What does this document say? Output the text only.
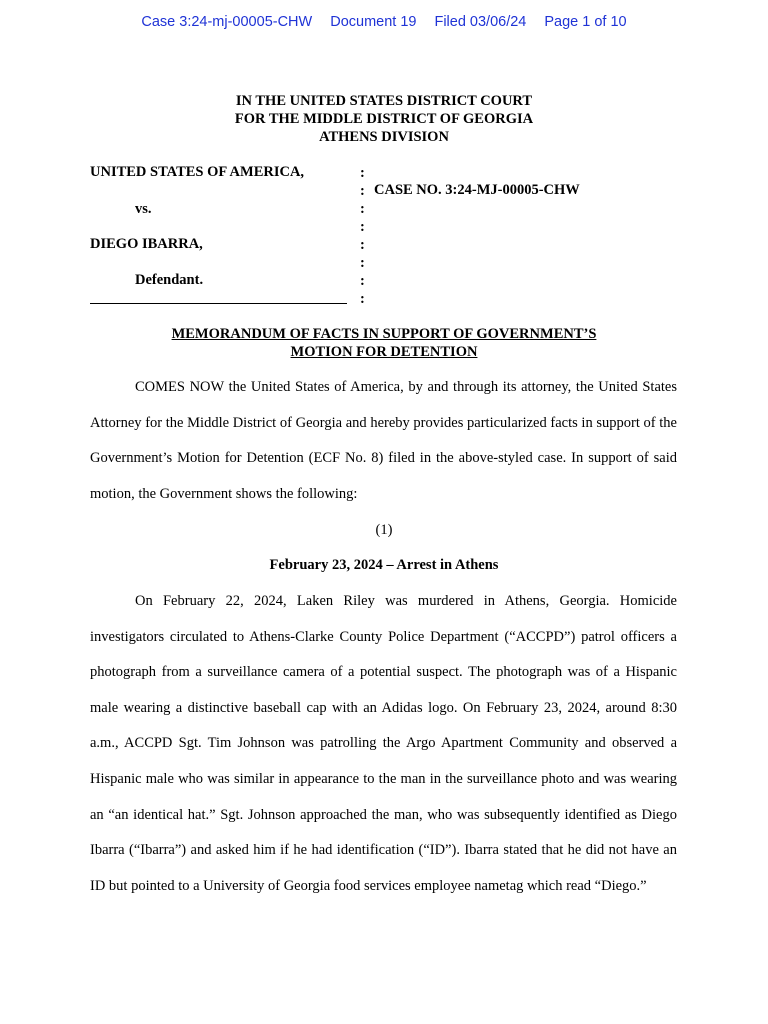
Case 3:24-mj-00005-CHW Document 19 Filed 03/06/24 Page 1 of 10
IN THE UNITED STATES DISTRICT COURT
FOR THE MIDDLE DISTRICT OF GEORGIA
ATHENS DIVISION
UNITED STATES OF AMERICA,
vs.
DIEGO IBARRA,
Defendant.
:
:
:
:
:
:
:
:
CASE NO. 3:24-MJ-00005-CHW
MEMORANDUM OF FACTS IN SUPPORT OF GOVERNMENT’S
MOTION FOR DETENTION
COMES NOW the United States of America, by and through its attorney, the United States Attorney for the Middle District of Georgia and hereby provides particularized facts in support of the Government’s Motion for Detention (ECF No. 8) filed in the above-styled case. In support of said motion, the Government shows the following:
(1)
February 23, 2024 – Arrest in Athens
On February 22, 2024, Laken Riley was murdered in Athens, Georgia. Homicide investigators circulated to Athens-Clarke County Police Department (“ACCPD”) patrol officers a photograph from a surveillance camera of a potential suspect. The photograph was of a Hispanic male wearing a distinctive baseball cap with an Adidas logo. On February 23, 2024, around 8:30 a.m., ACCPD Sgt. Tim Johnson was patrolling the Argo Apartment Community and observed a Hispanic male who was similar in appearance to the man in the surveillance photo and was wearing an “an identical hat.” Sgt. Johnson approached the man, who was subsequently identified as Diego Ibarra (“Ibarra”) and asked him if he had identification (“ID”). Ibarra stated that he did not have an ID but pointed to a University of Georgia food services employee nametag which read “Diego.”
